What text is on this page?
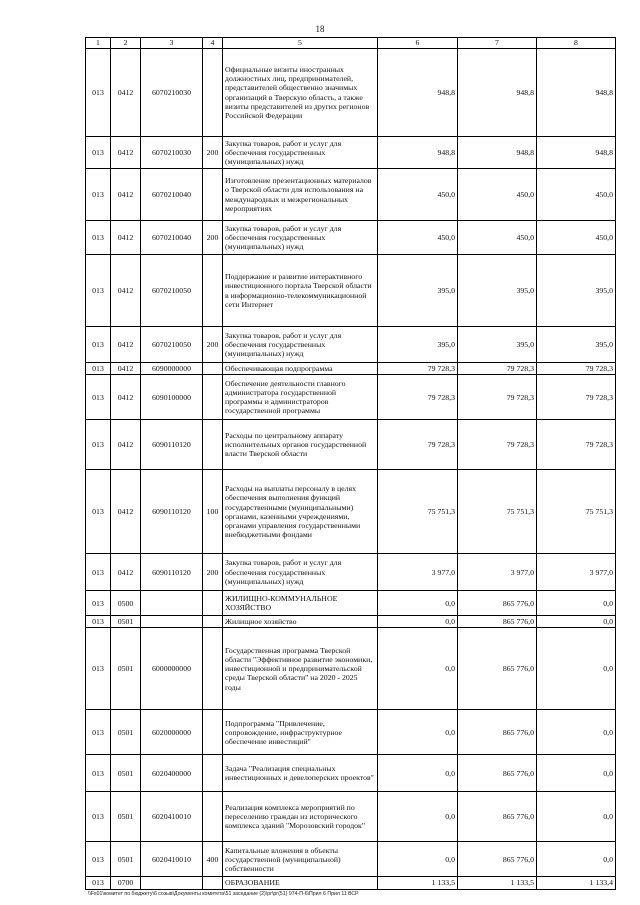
18
1	2	3	4	5	6	7	8
013	0412	6070210030		Официальные визиты иностранных должностных лиц, предпринимателей, представителей общественно значимых организаций в Тверскую область, а также визиты представителей из других регионов Российской Федерации	948,8	948,8	948,8
013	0412	6070210030	200	Закупка товаров, работ и услуг для обеспечения государственных (муниципальных) нужд	948,8	948,8	948,8
013	0412	6070210040		Изготовление презентационных материалов о Тверской области для использования на международных и межрегиональных мероприятиях	450,0	450,0	450,0
013	0412	6070210040	200	Закупка товаров, работ и услуг для обеспечения государственных (муниципальных) нужд	450,0	450,0	450,0
013	0412	6070210050		Поддержание и развитие интерактивного инвестиционного портала Тверской области в информационно-телекоммуникационной сети Интернет	395,0	395,0	395,0
013	0412	6070210050	200	Закупка товаров, работ и услуг для обеспечения государственных (муниципальных) нужд	395,0	395,0	395,0
013	0412	6090000000		Обеспечивающая подпрограмма	79 728,3	79 728,3	79 728,3
013	0412	6090100000		Обеспечение деятельности главного администратора государственной программы и администраторов государственной программы	79 728,3	79 728,3	79 728,3
013	0412	6090110120		Расходы по центральному аппарату исполнительных органов государственной власти Тверской области	79 728,3	79 728,3	79 728,3
013	0412	6090110120	100	Расходы на выплаты персоналу в целях обеспечения выполнения функций государственными (муниципальными) органами, казенными учреждениями, органами управления государственными внебюджетными фондами	75 751,3	75 751,3	75 751,3
013	0412	6090110120	200	Закупка товаров, работ и услуг для обеспечения государственных (муниципальных) нужд	3 977,0	3 977,0	3 977,0
013	0500			ЖИЛИЩНО-КОММУНАЛЬНОЕ ХОЗЯЙСТВО	0,0	865 776,0	0,0
013	0501			Жилищное хозяйство	0,0	865 776,0	0,0
013	0501	6000000000		Государственная программа Тверской области "Эффективное развитие экономики, инвестиционной и предпринимательской среды Тверской области" на 2020 - 2025 годы	0,0	865 776,0	0,0
013	0501	6020000000		Подпрограмма "Привлечение, сопровождение, инфраструктурное обеспечение инвестиций"	0,0	865 776,0	0,0
013	0501	6020400000		Задача "Реализация специальных инвестиционных и девелоперских проектов"	0,0	865 776,0	0,0
013	0501	6020410010		Реализация комплекса мероприятий по переселению граждан из исторического комплекса зданий "Морозовский городок"	0,0	865 776,0	0,0
013	0501	6020410010	400	Капитальные вложения в объекты государственной (муниципальной) собственности	0,0	865 776,0	0,0
013	0700			ОБРАЗОВАНИЕ	1 133,5	1 133,5	1 133,4
\\Fs01\комитет по бюджету\6 созыв\Документы комитета\51 заседание (2)\рг\рг(51) 974-П-6\Прил 6 Прил 11 ВСР
